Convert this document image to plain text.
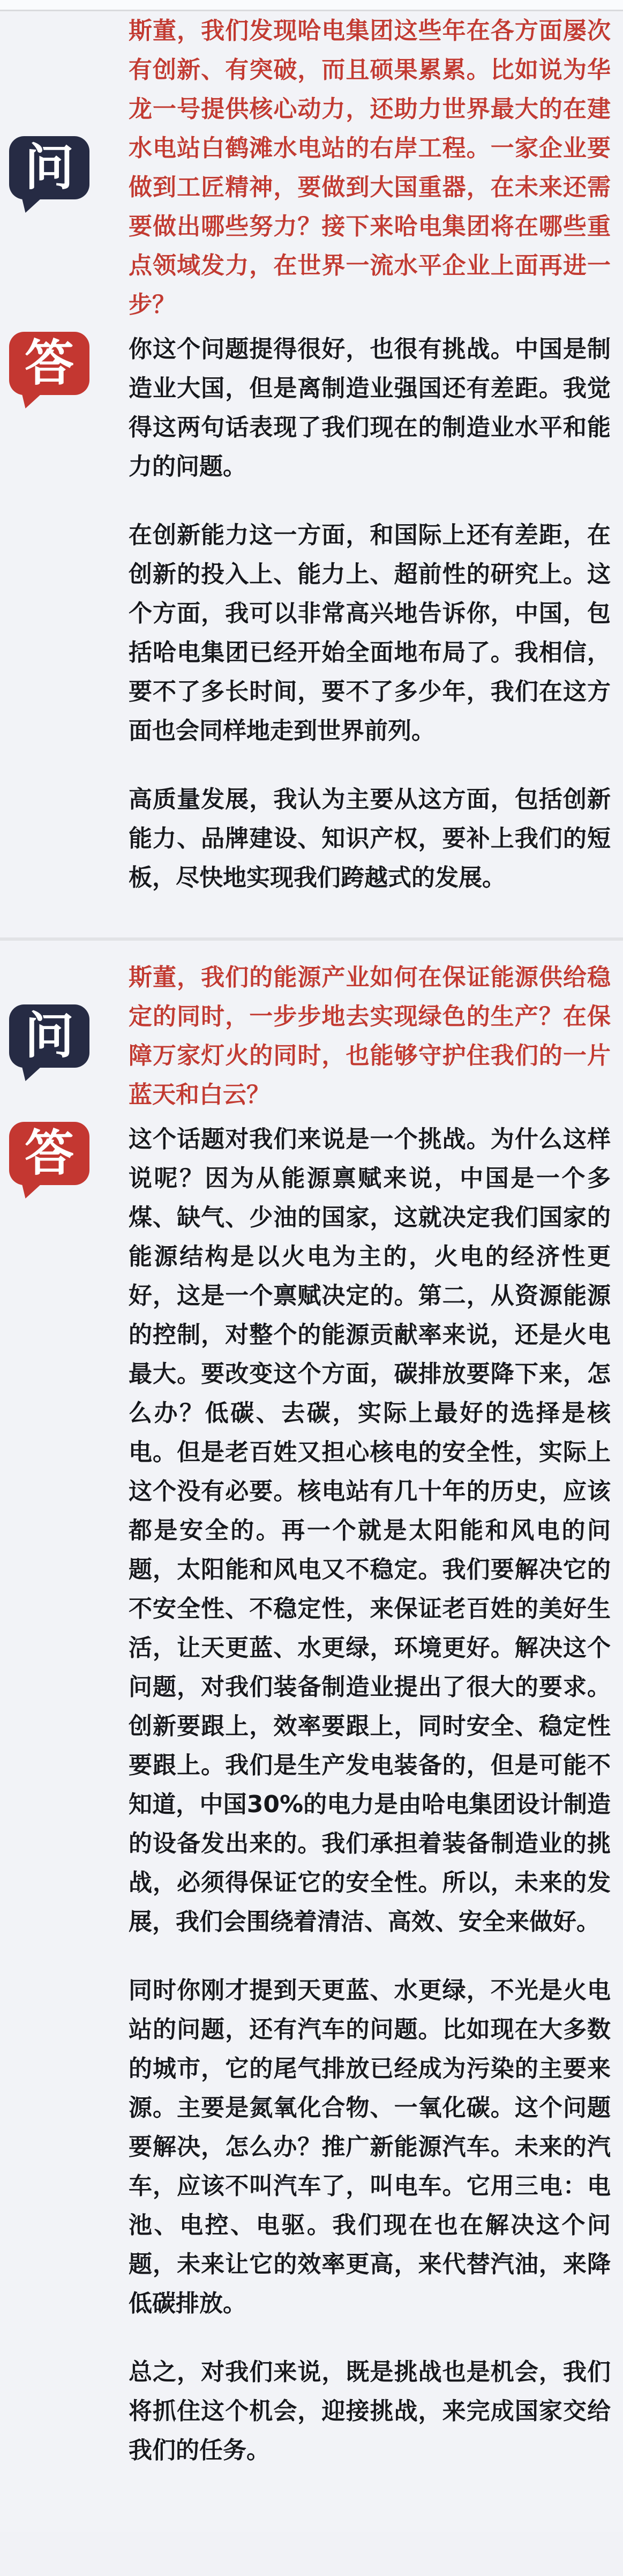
问
斯董，我们发现哈电集团这些年在各方面屡次有创新、有突破，而且硕果累累。比如说为华龙一号提供核心动力，还助力世界最大的在建水电站白鹤滩水电站的右岸工程。一家企业要做到工匠精神，要做到大国重器，在未来还需要做出哪些努力？接下来哈电集团将在哪些重点领域发力，在世界一流水平企业上面再进一步？
答 你这个问题提得很好，也很有挑战。中国是制造业大国，但是离制造业强国还有差距。我觉得这两句话表现了我们现在的制造业水平和能力的问题。

在创新能力这一方面，和国际上还有差距，在创新的投入上、能力上、超前性的研究上。这个方面，我可以非常高兴地告诉你，中国，包括哈电集团已经开始全面地布局了。我相信，要不了多长时间，要不了多少年，我们在这方面也会同样地走到世界前列。

高质量发展，我认为主要从这方面，包括创新能力、品牌建设、知识产权，要补上我们的短板，尽快地实现我们跨越式的发展。

问
斯董，我们的能源产业如何在保证能源供给稳定的同时，一步步地去实现绿色的生产？在保障万家灯火的同时，也能够守护住我们的一片蓝天和白云？
答 这个话题对我们来说是一个挑战。为什么这样说呢？因为从能源禀赋来说，中国是一个多煤、缺气、少油的国家，这就决定我们国家的能源结构是以火电为主的，火电的经济性更好，这是一个禀赋决定的。第二，从资源能源的控制，对整个的能源贡献率来说，还是火电最大。要改变这个方面，碳排放要降下来，怎么办？低碳、去碳，实际上最好的选择是核电。但是老百姓又担心核电的安全性，实际上这个没有必要。核电站有几十年的历史，应该都是安全的。再一个就是太阳能和风电的问题，太阳能和风电又不稳定。我们要解决它的不安全性、不稳定性，来保证老百姓的美好生活，让天更蓝、水更绿，环境更好。解决这个问题，对我们装备制造业提出了很大的要求。创新要跟上，效率要跟上，同时安全、稳定性要跟上。我们是生产发电装备的，但是可能不知道，中国30%的电力是由哈电集团设计制造的设备发出来的。我们承担着装备制造业的挑战，必须得保证它的安全性。所以，未来的发展，我们会围绕着清洁、高效、安全来做好。

同时你刚才提到天更蓝、水更绿，不光是火电站的问题，还有汽车的问题。比如现在大多数的城市，它的尾气排放已经成为污染的主要来源。主要是氮氧化合物、一氧化碳。这个问题要解决，怎么办？推广新能源汽车。未来的汽车，应该不叫汽车了，叫电车。它用三电：电池、电控、电驱。我们现在也在解决这个问题，未来让它的效率更高，来代替汽油，来降低碳排放。

总之，对我们来说，既是挑战也是机会，我们将抓住这个机会，迎接挑战，来完成国家交给我们的任务。
